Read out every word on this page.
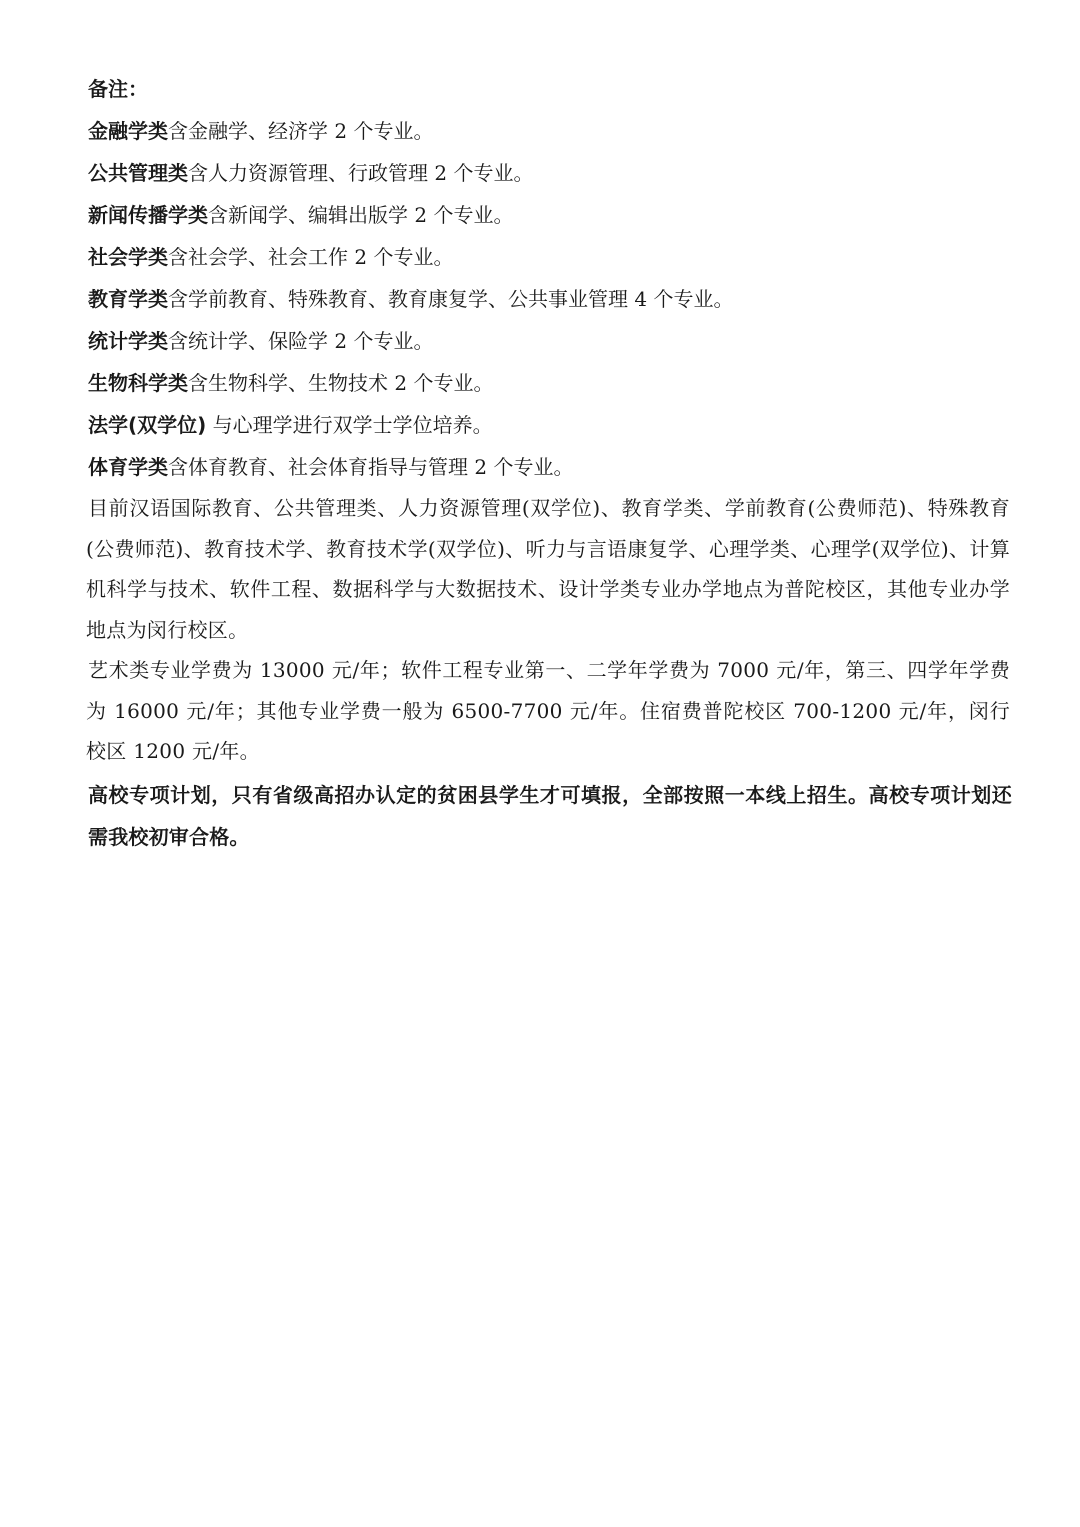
备注：

金融学类含金融学、经济学 2 个专业。

公共管理类含人力资源管理、行政管理 2 个专业。

新闻传播学类含新闻学、编辑出版学 2 个专业。

社会学类含社会学、社会工作 2 个专业。

教育学类含学前教育、特殊教育、教育康复学、公共事业管理 4 个专业。

统计学类含统计学、保险学 2 个专业。

生物科学类含生物科学、生物技术 2 个专业。

法学(双学位) 与心理学进行双学士学位培养。

体育学类含体育教育、社会体育指导与管理 2 个专业。

目前汉语国际教育、公共管理类、人力资源管理(双学位)、教育学类、学前教育(公费师范)、特殊教育(公费师范)、教育技术学、教育技术学(双学位)、听力与言语康复学、心理学类、心理学(双学位)、计算机科学与技术、软件工程、数据科学与大数据技术、设计学类专业办学地点为普陀校区，其他专业办学地点为闵行校区。

艺术类专业学费为 13000 元/年；软件工程专业第一、二学年学费为 7000 元/年，第三、四学年学费为 16000 元/年；其他专业学费一般为 6500-7700 元/年。住宿费普陀校区 700-1200 元/年，闵行校区 1200 元/年。

高校专项计划，只有省级高招办认定的贫困县学生才可填报，全部按照一本线上招生。高校专项计划还需我校初审合格。
